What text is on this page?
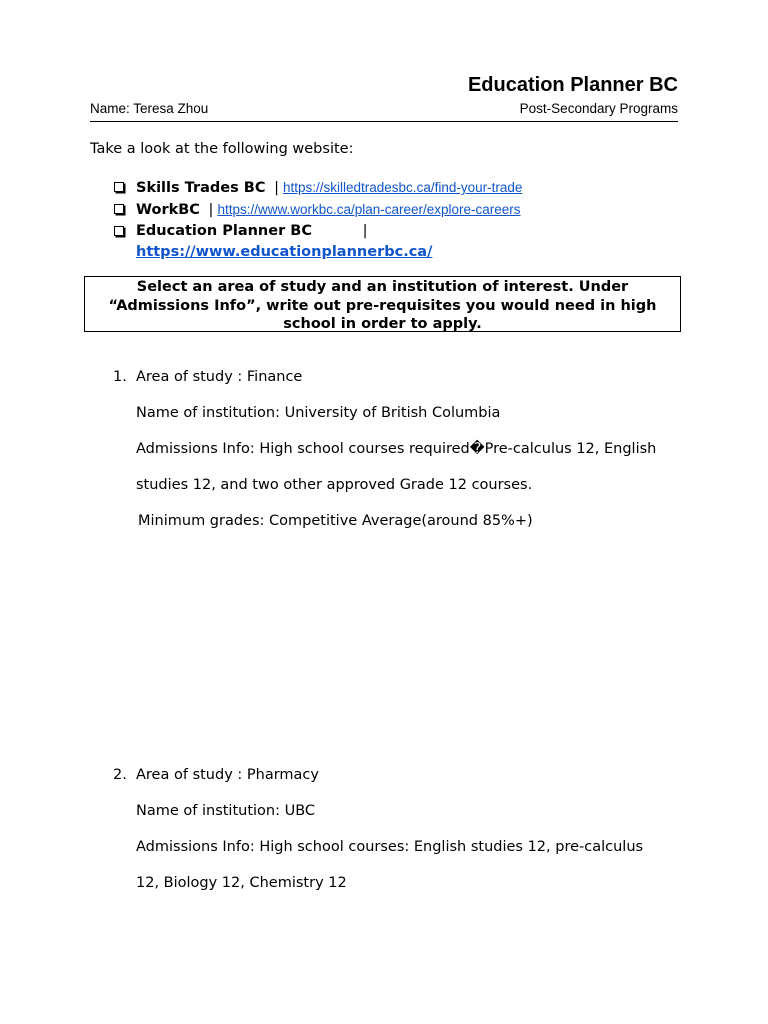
Education Planner BC
Name: Teresa Zhou	Post-Secondary Programs
Take a look at the following website:
Skills Trades BC | https://skilledtradesbc.ca/find-your-trade
WorkBC | https://www.workbc.ca/plan-career/explore-careers
Education Planner BC	|
https://www.educationplannerbc.ca/
Select an area of study and an institution of interest. Under
“Admissions Info”, write out pre-requisites you would need in high
school in order to apply.
1. Area of study : Finance
Name of institution: University of British Columbia
Admissions Info: High school courses required�Pre-calculus 12, English
studies 12, and two other approved Grade 12 courses.
Minimum grades: Competitive Average(around 85%+)
2. Area of study : Pharmacy
Name of institution: UBC
Admissions Info: High school courses: English studies 12, pre-calculus
12, Biology 12, Chemistry 12
